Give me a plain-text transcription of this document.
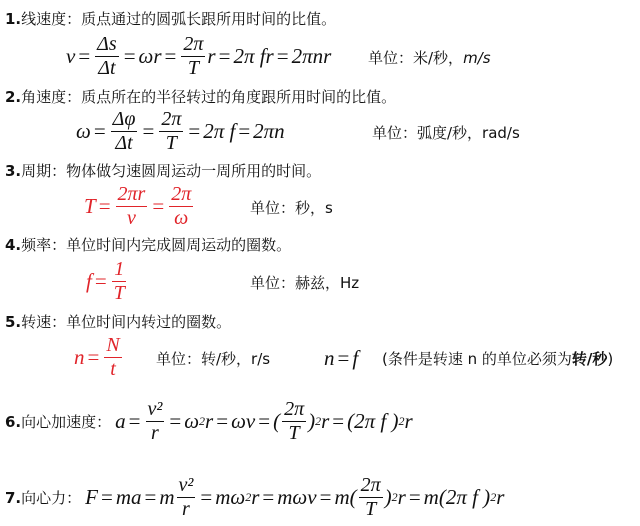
1. 线速度：质点通过的圆弧长跟所用时间的比值。
$v = \frac{\Delta s}{\Delta t} = \omega r = \frac{2\pi}{T}$ r = 2π fr = 2πnr 单位：米/秒，m/s
2. 角速度：质点所在的半径转过的角度跟所用时间的比值。
$\omega = \frac{\Delta\varphi}{\Delta t} = \frac{2\pi}{T} = 2\pi$ f = 2πn	单位：弧度/秒，rad/s
3. 周期：物体做匀速圆周运动一周所用的时间。
$T = \frac{2\pi r}{v} = \frac{2\pi}{\omega}$	单位：秒，s
4. 频率：单位时间内完成圆周运动的圈数。
$f = \frac{1}{T}$	单位：赫兹，Hz
5. 转速：单位时间内转过的圈数。
$n = \frac{N}{t}$ 单位：转/秒，r/s	n = f (条件是转速 n 的单位必须为转/秒)
6. 向心加速度： $a = \frac{\text{v²}}{r} = \omega$ 2 r = ωv = ( $\frac{2\pi}{T}$ ) 2 r = (2π f ) 2 r
7. 向心力： F = ma = m $\frac{\text{v²}}{r} = m\omega$ 2 $r = m\omega v = m( \frac{2\pi}{T}$ ) 2 r = m(2π f ) 2 r
